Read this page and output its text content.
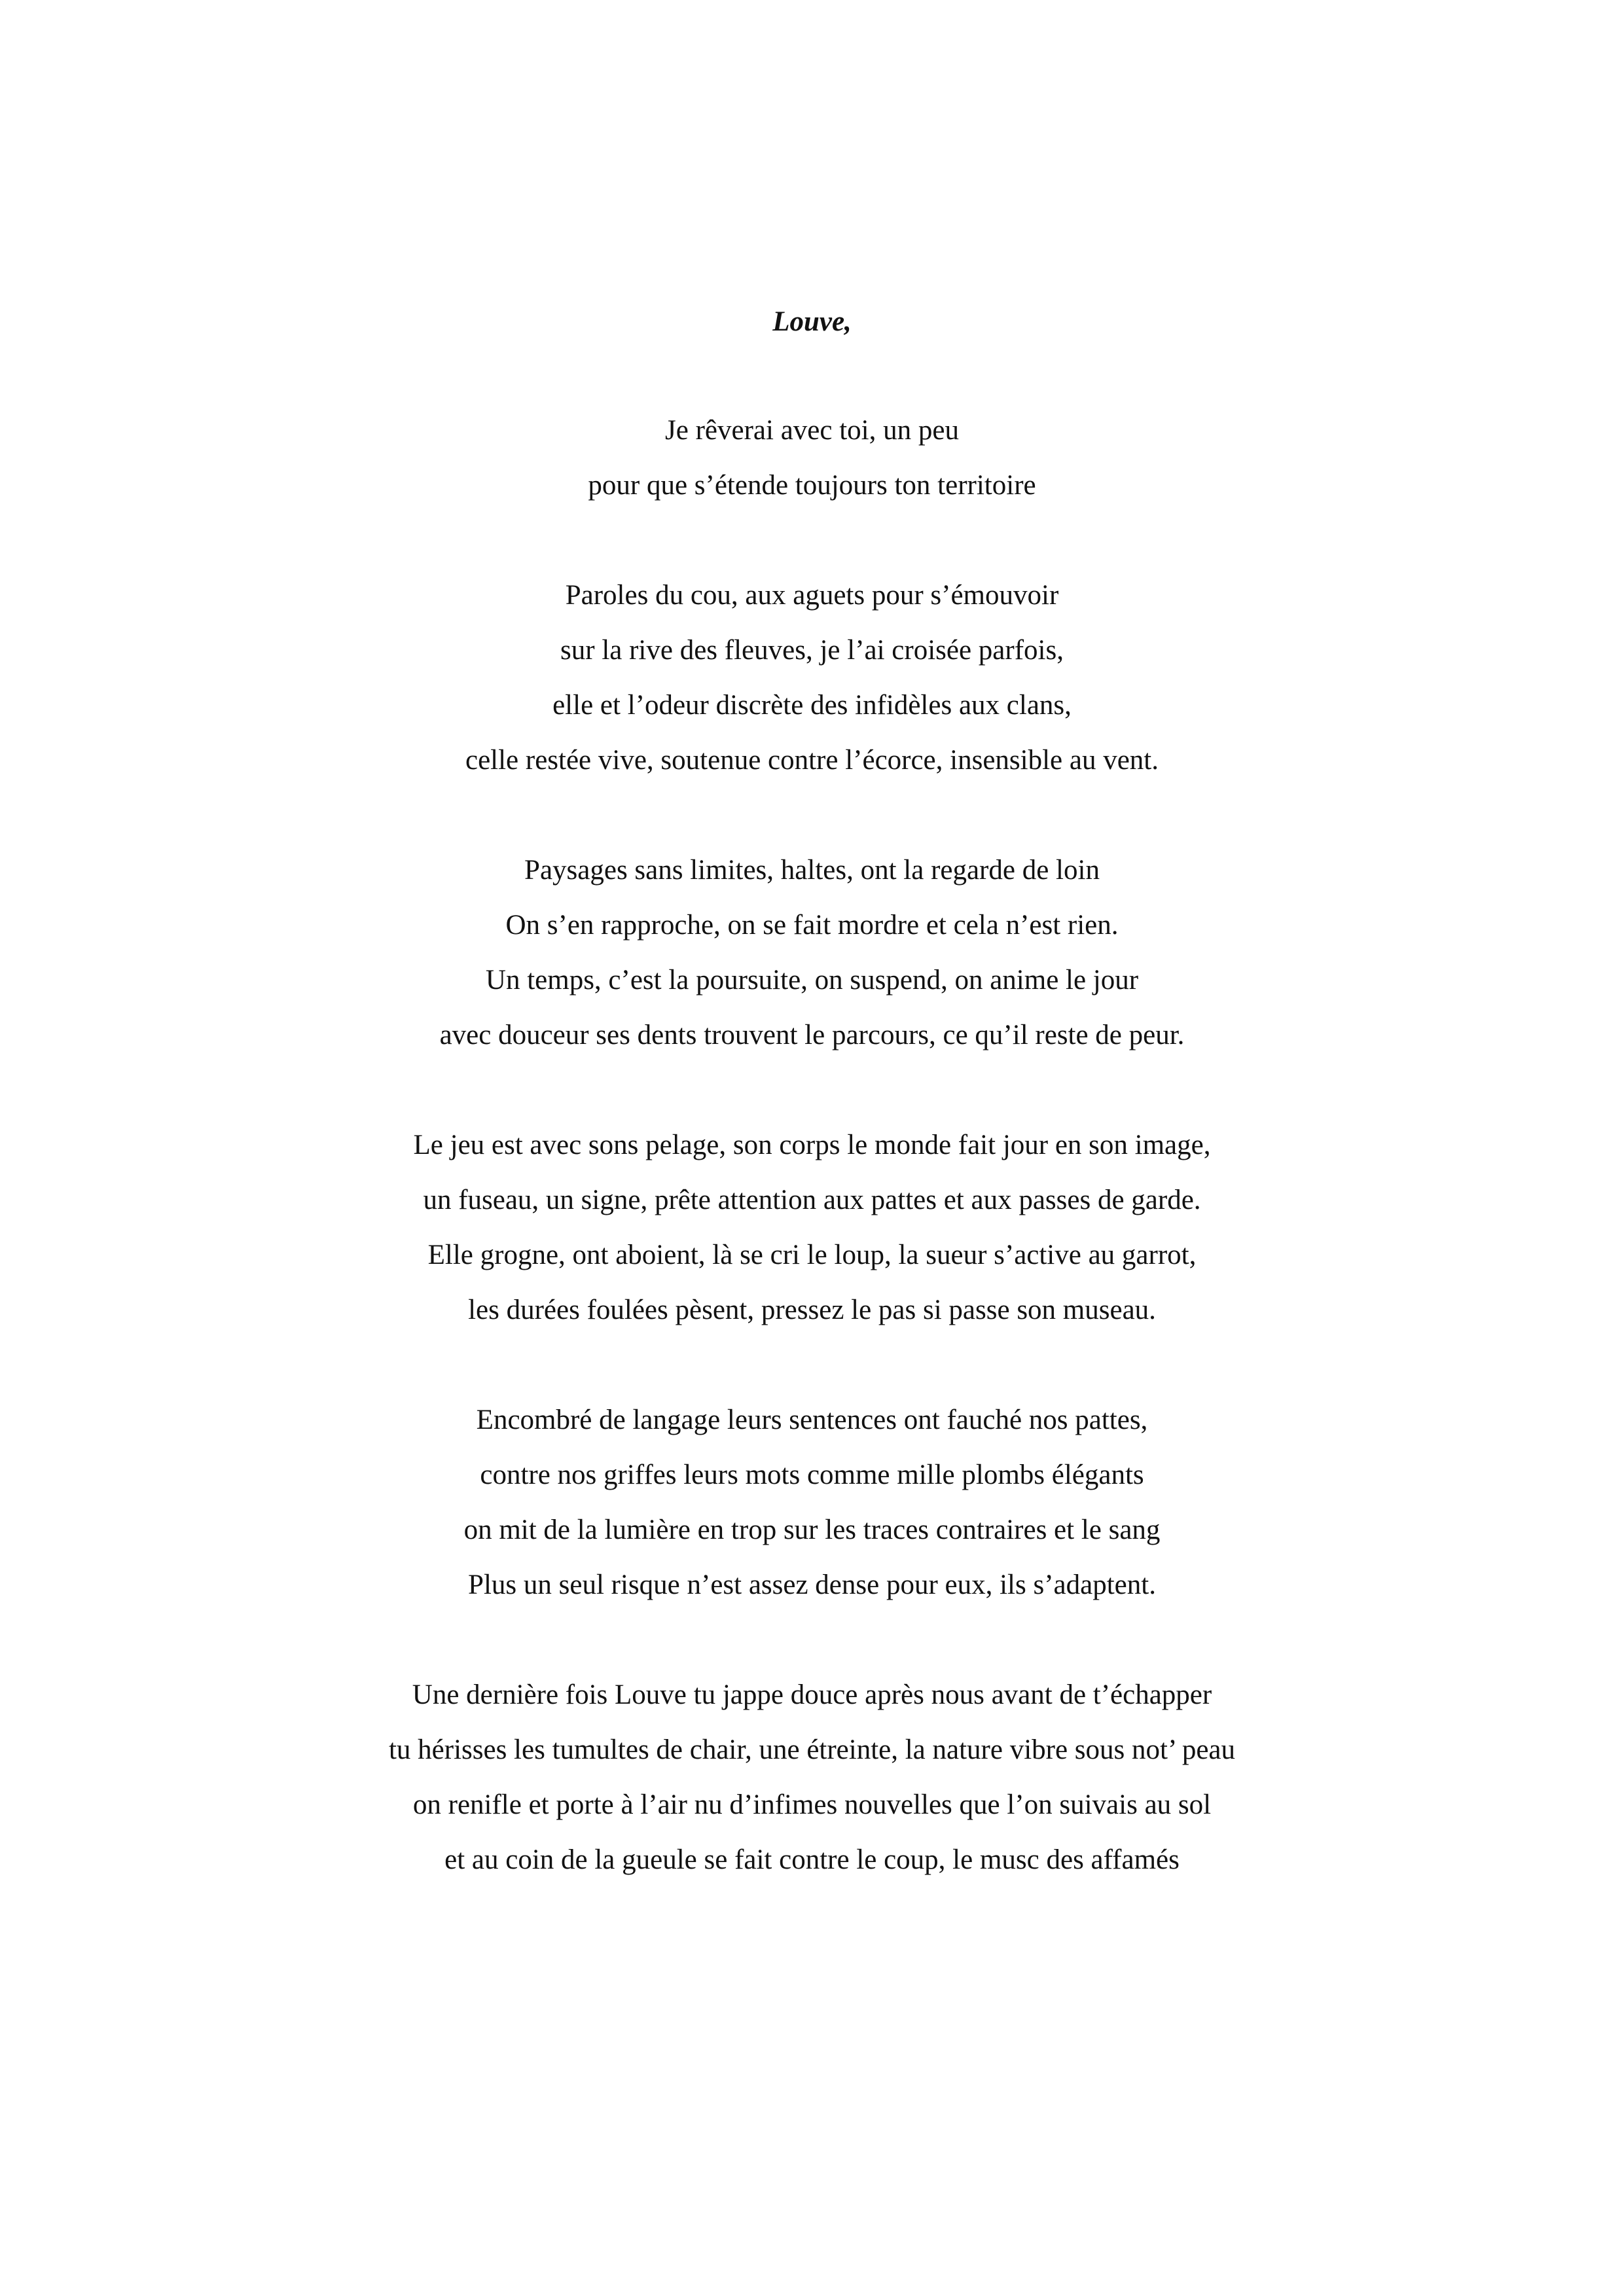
Louve,
Je rêverai avec toi, un peu
pour que s’étende toujours ton territoire
Paroles du cou, aux aguets pour s’émouvoir
sur la rive des fleuves, je l’ai croisée parfois,
elle et l’odeur discrète des infidèles aux clans,
celle restée vive, soutenue contre l’écorce, insensible au vent.
Paysages sans limites, haltes, ont la regarde de loin
On s’en rapproche, on se fait mordre et cela n’est rien.
Un temps, c’est la poursuite, on suspend, on anime le jour
avec douceur ses dents trouvent le parcours, ce qu’il reste de peur.
Le jeu est avec sons pelage, son corps le monde fait jour en son image,
un fuseau, un signe, prête attention aux pattes et aux passes de garde.
Elle grogne, ont aboient, là se cri le loup, la sueur s’active au garrot,
les durées foulées pèsent, pressez le pas si passe son museau.
Encombré de langage leurs sentences ont fauché nos pattes,
contre nos griffes leurs mots comme mille plombs élégants
on mit de la lumière en trop sur les traces contraires et le sang
Plus un seul risque n’est assez dense pour eux, ils s’adaptent.
Une dernière fois Louve tu jappe douce après nous avant de t’échapper
tu hérisses les tumultes de chair, une étreinte, la nature vibre sous not’ peau
on renifle et porte à l’air nu d’infimes nouvelles que l’on suivais au sol
et au coin de la gueule se fait contre le coup, le musc des affamés
